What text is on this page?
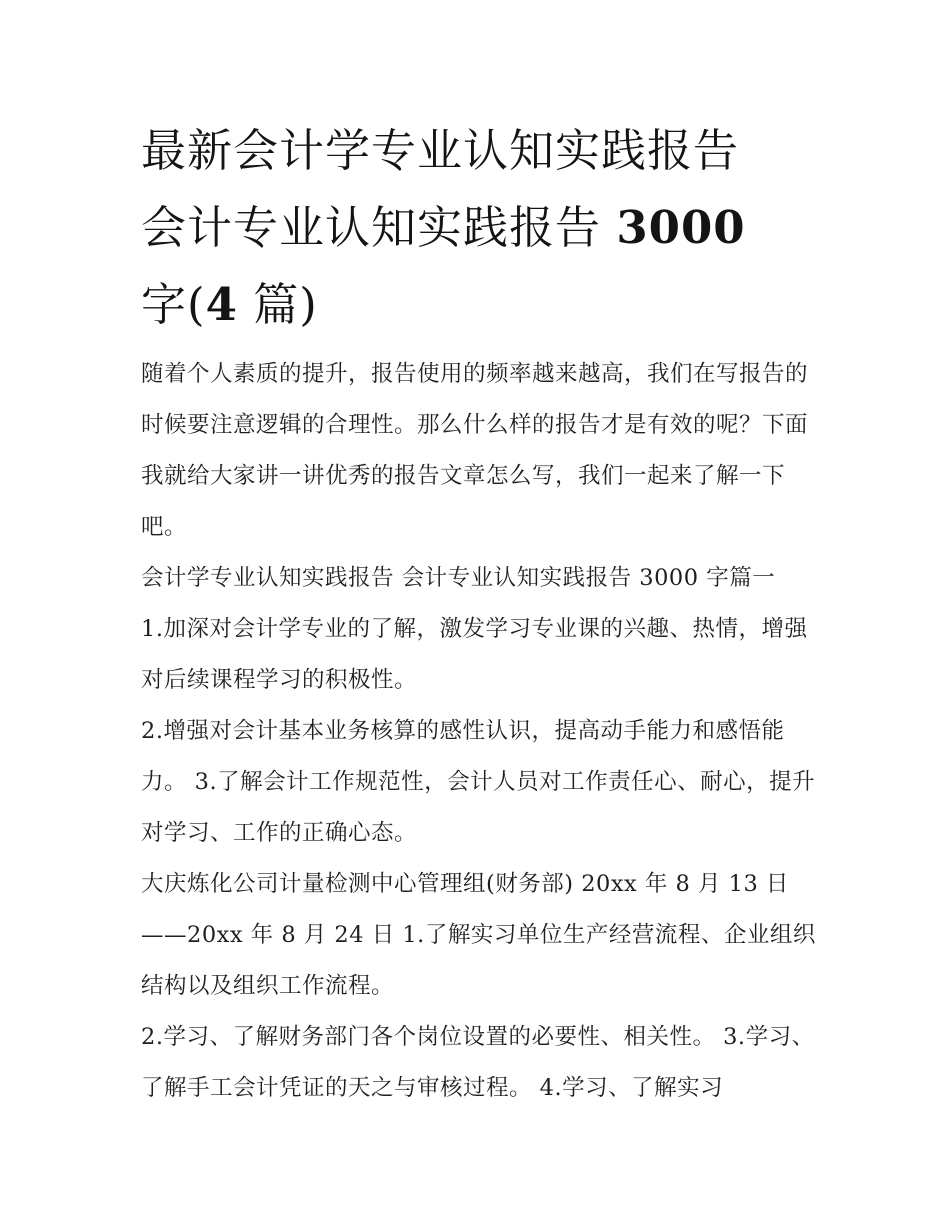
最新会计学专业认知实践报告
会计专业认知实践报告 3000
字(4 篇)

随着个人素质的提升，报告使用的频率越来越高，我们在写报告的时候要注意逻辑的合理性。那么什么样的报告才是有效的呢？下面我就给大家讲一讲优秀的报告文章怎么写，我们一起来了解一下吧。

会计学专业认知实践报告 会计专业认知实践报告 3000 字篇一

1.加深对会计学专业的了解，激发学习专业课的兴趣、热情，增强对后续课程学习的积极性。

2.增强对会计基本业务核算的感性认识，提高动手能力和感悟能力。 3.了解会计工作规范性，会计人员对工作责任心、耐心，提升对学习、工作的正确心态。

大庆炼化公司计量检测中心管理组(财务部) 20xx 年 8 月 13 日——20xx 年 8 月 24 日 1.了解实习单位生产经营流程、企业组织结构以及组织工作流程。

2.学习、了解财务部门各个岗位设置的必要性、相关性。 3.学习、了解手工会计凭证的天之与审核过程。 4.学习、了解实习
